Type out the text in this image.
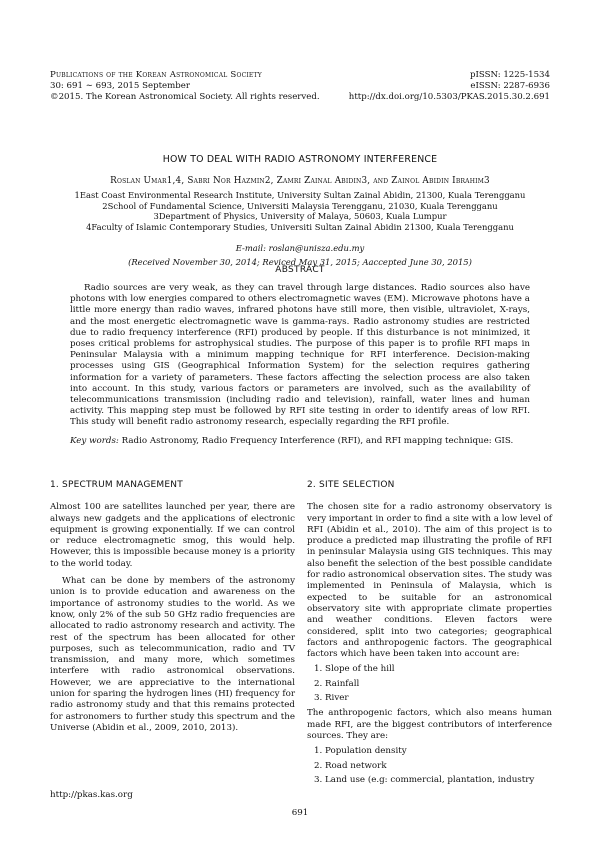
Publications of the Korean Astronomical Society
30: 691 ∼ 693, 2015 September
©2015. The Korean Astronomical Society. All rights reserved.
pISSN: 1225-1534
eISSN: 2287-6936
http://dx.doi.org/10.5303/PKAS.2015.30.2.691
HOW TO DEAL WITH RADIO ASTRONOMY INTERFERENCE
Roslan Umar1,4, Sabri Nor Hazmin2, Zamri Zainal Abidin3, and Zainol Abidin Ibrahim3
1East Coast Environmental Research Institute, University Sultan Zainal Abidin, 21300, Kuala Terengganu
2School of Fundamental Science, Universiti Malaysia Terengganu, 21030, Kuala Terengganu
3Department of Physics, University of Malaya, 50603, Kuala Lumpur
4Faculty of Islamic Contemporary Studies, Universiti Sultan Zainal Abidin 21300, Kuala Terengganu
E-mail: roslan@unisza.edu.my
(Received November 30, 2014; Reviced May 31, 2015; Aaccepted June 30, 2015)
ABSTRACT
Radio sources are very weak, as they can travel through large distances. Radio sources also have photons with low energies compared to others electromagnetic waves (EM). Microwave photons have a little more energy than radio waves, infrared photons have still more, then visible, ultraviolet, X-rays, and the most energetic electromagnetic wave is gamma-rays. Radio astronomy studies are restricted due to radio frequency interference (RFI) produced by people. If this disturbance is not minimized, it poses critical problems for astrophysical studies. The purpose of this paper is to profile RFI maps in Peninsular Malaysia with a minimum mapping technique for RFI interference. Decision-making processes using GIS (Geographical Information System) for the selection requires gathering information for a variety of parameters. These factors affecting the selection process are also taken into account. In this study, various factors or parameters are involved, such as the availability of telecommunications transmission (including radio and television), rainfall, water lines and human activity. This mapping step must be followed by RFI site testing in order to identify areas of low RFI. This study will benefit radio astronomy research, especially regarding the RFI profile.
Key words: Radio Astronomy, Radio Frequency Interference (RFI), and RFI mapping technique: GIS.
1. SPECTRUM MANAGEMENT

Almost 100 are satellites launched per year, there are always new gadgets and the applications of electronic equipment is growing exponentially. If we can control or reduce electromagnetic smog, this would help. However, this is impossible because money is a priority to the world today.

What can be done by members of the astronomy union is to provide education and awareness on the importance of astronomy studies to the world. As we know, only 2% of the sub 50 GHz radio frequencies are allocated to radio astronomy research and activity. The rest of the spectrum has been allocated for other purposes, such as telecommunication, radio and TV transmission, and many more, which sometimes interfere with radio astronomical observations. However, we are appreciative to the international union for sparing the hydrogen lines (HI) frequency for radio astronomy study and that this remains protected for astronomers to further study this spectrum and the Universe (Abidin et al., 2009, 2010, 2013).

2. SITE SELECTION

The chosen site for a radio astronomy observatory is very important in order to find a site with a low level of RFI (Abidin et al., 2010). The aim of this project is to produce a predicted map illustrating the profile of RFI in peninsular Malaysia using GIS techniques. This may also benefit the selection of the best possible candidate for radio astronomical observation sites. The study was implemented in Peninsula of Malaysia, which is expected to be suitable for an astronomical observatory site with appropriate climate properties and weather conditions. Eleven factors were considered, split into two categories; geographical factors and anthropogenic factors. The geographical factors which have been taken into account are:

1. Slope of the hill
2. Rainfall
3. River

The anthropogenic factors, which also means human made RFI, are the biggest contributors of interference sources. They are:

1. Population density
2. Road network
3. Land use (e.g: commercial, plantation, industry
http://pkas.kas.org
691
